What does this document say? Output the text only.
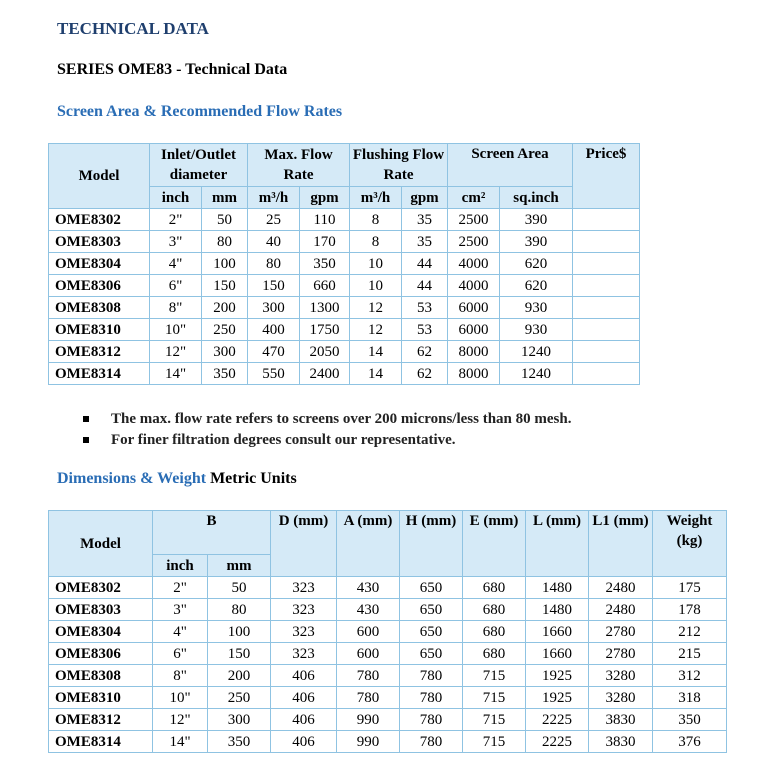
TECHNICAL DATA
SERIES OME83 - Technical Data
Screen Area & Recommended Flow Rates
Model	Inlet/Outlet diameter		Max. Flow Rate		Flushing Flow Rate		Screen Area		Price$
	inch	mm	m³/h	gpm	m³/h	gpm	cm²	sq.inch	
OME8302	2"	50	25	110	8	35	2500	390	
OME8303	3"	80	40	170	8	35	2500	390	
OME8304	4"	100	80	350	10	44	4000	620	
OME8306	6"	150	150	660	10	44	4000	620	
OME8308	8"	200	300	1300	12	53	6000	930	
OME8310	10"	250	400	1750	12	53	6000	930	
OME8312	12"	300	470	2050	14	62	8000	1240	
OME8314	14"	350	550	2400	14	62	8000	1240	
The max. flow rate refers to screens over 200 microns/less than 80 mesh.
For finer filtration degrees consult our representative.
Dimensions & Weight Metric Units
Model	B		D (mm)	A (mm)	H (mm)	E (mm)	L (mm)	L1 (mm)	Weight (kg)
	inch	mm							
OME8302	2"	50	323	430	650	680	1480	2480	175
OME8303	3"	80	323	430	650	680	1480	2480	178
OME8304	4"	100	323	600	650	680	1660	2780	212
OME8306	6"	150	323	600	650	680	1660	2780	215
OME8308	8"	200	406	780	780	715	1925	3280	312
OME8310	10"	250	406	780	780	715	1925	3280	318
OME8312	12"	300	406	990	780	715	2225	3830	350
OME8314	14"	350	406	990	780	715	2225	3830	376
